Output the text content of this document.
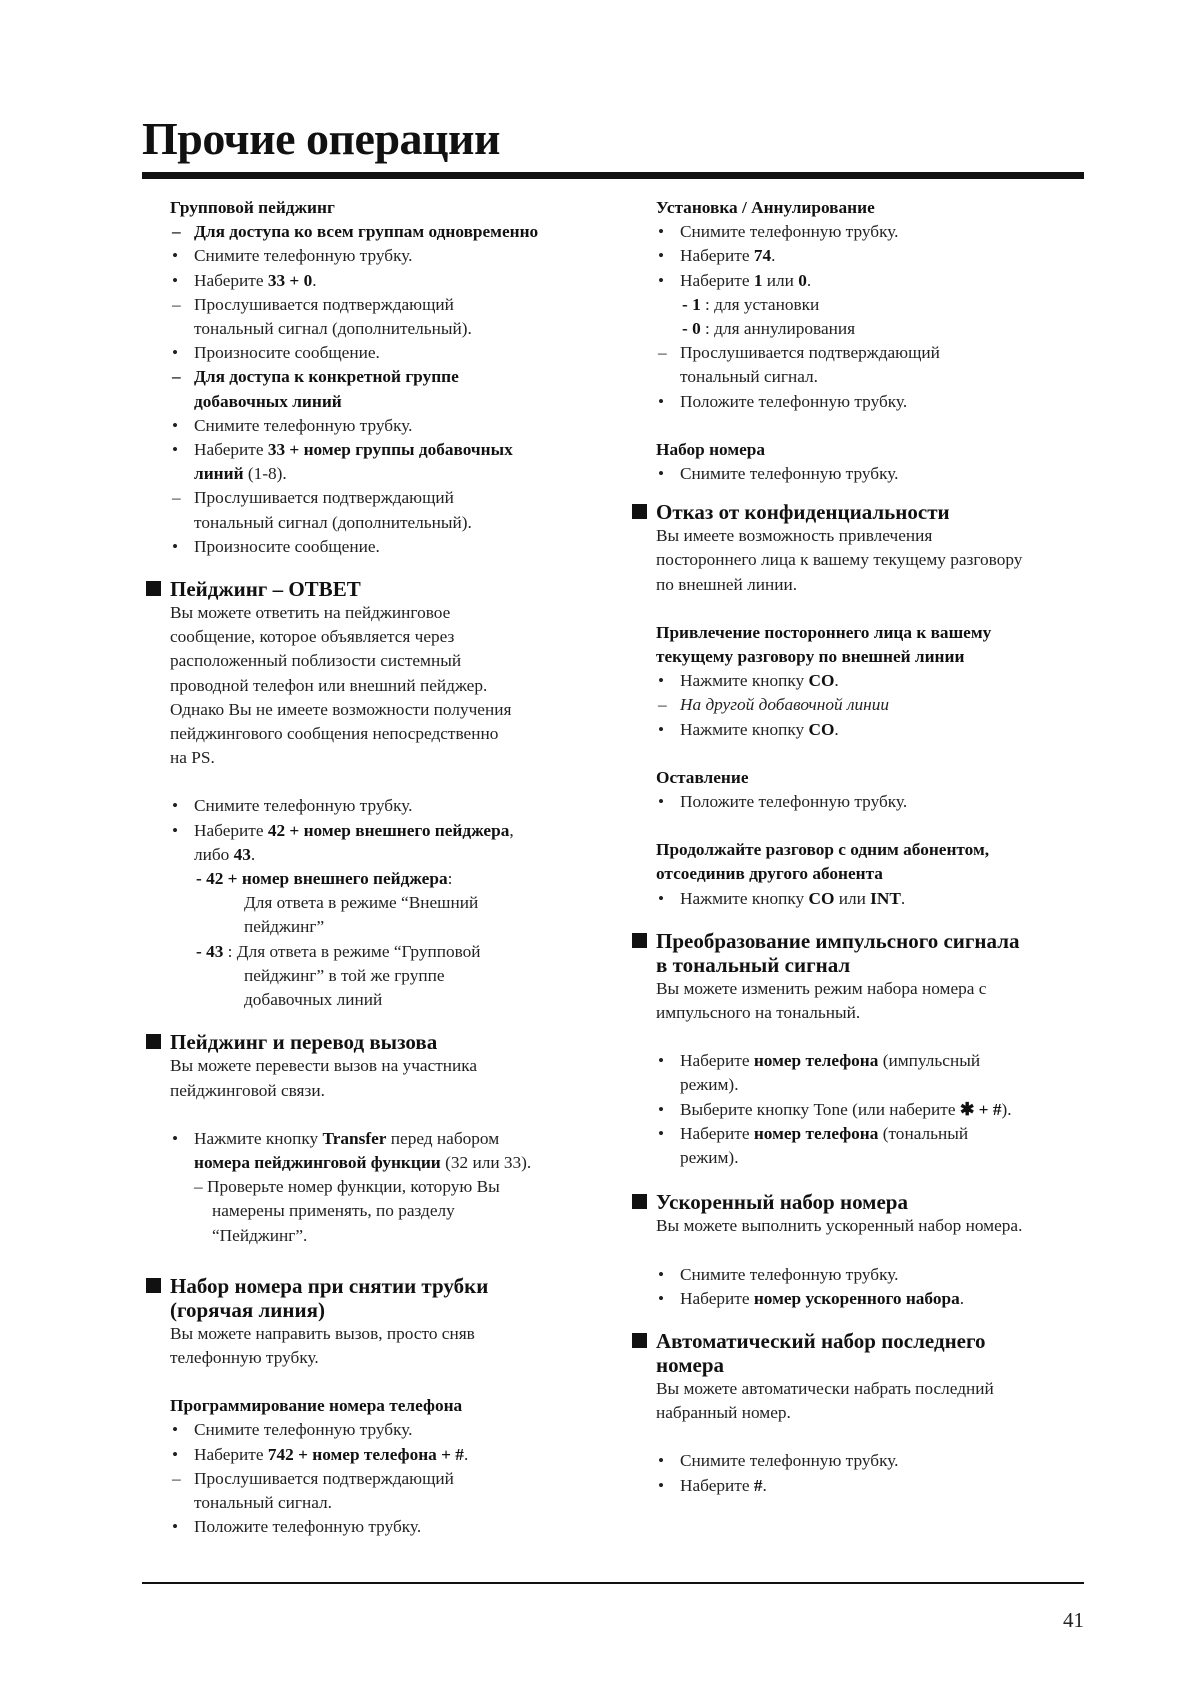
Прочие операции
Групповой пейджинг
– Для доступа ко всем группам одновременно
• Снимите телефонную трубку.
• Наберите 33 + 0.
– Прослушивается подтверждающий
тональный сигнал (дополнительный).
• Произносите сообщение.
– Для доступа к конкретной группе
добавочных линий
• Снимите телефонную трубку.
• Наберите 33 + номер группы добавочных
линий (1-8).
– Прослушивается подтверждающий
тональный сигнал (дополнительный).
• Произносите сообщение.
Пейджинг – ОТВЕТ
Вы можете ответить на пейджинговое
сообщение, которое объявляется через
расположенный поблизости системный
проводной телефон или внешний пейджер.
Однако Вы не имеете возможности получения
пейджингового сообщения непосредственно
на PS.
• Снимите телефонную трубку.
• Наберите 42 + номер внешнего пейджера,
либо 43.
- 42 + номер внешнего пейджера:
Для ответа в режиме “Внешний
пейджинг”
- 43 : Для ответа в режиме “Групповой
пейджинг” в той же группе
добавочных линий
Пейджинг и перевод вызова
Вы можете перевести вызов на участника
пейджинговой связи.
• Нажмите кнопку Transfer перед набором
номера пейджинговой функции (32 или 33).
– Проверьте номер функции, которую Вы
намерены применять, по разделу
“Пейджинг”.
Набор номера при снятии трубки
(горячая линия)
Вы можете направить вызов, просто сняв
телефонную трубку.
Программирование номера телефона
• Снимите телефонную трубку.
• Наберите 742 + номер телефона + #.
– Прослушивается подтверждающий
тональный сигнал.
• Положите телефонную трубку.
Установка / Аннулирование
• Снимите телефонную трубку.
• Наберите 74.
• Наберите 1 или 0.
- 1 : для установки
- 0 : для аннулирования
– Прослушивается подтверждающий
тональный сигнал.
• Положите телефонную трубку.
Набор номера
• Снимите телефонную трубку.
Отказ от конфиденциальности
Вы имеете возможность привлечения
постороннего лица к вашему текущему разговору
по внешней линии.
Привлечение постороннего лица к вашему
текущему разговору по внешней линии
• Нажмите кнопку CO.
– На другой добавочной линии
• Нажмите кнопку CO.
Оставление
• Положите телефонную трубку.
Продолжайте разговор с одним абонентом,
отсоединив другого абонента
• Нажмите кнопку CO или INT.
Преобразование импульсного сигнала
в тональный сигнал
Вы можете изменить режим набора номера с
импульсного на тональный.
• Наберите номер телефона (импульсный
режим).
• Выберите кнопку Tone (или наберите ✱ + #).
• Наберите номер телефона (тональный
режим).
Ускоренный набор номера
Вы можете выполнить ускоренный набор номера.
• Снимите телефонную трубку.
• Наберите номер ускоренного набора.
Автоматический набор последнего
номера
Вы можете автоматически набрать последний
набранный номер.
• Снимите телефонную трубку.
• Наберите #.
41
